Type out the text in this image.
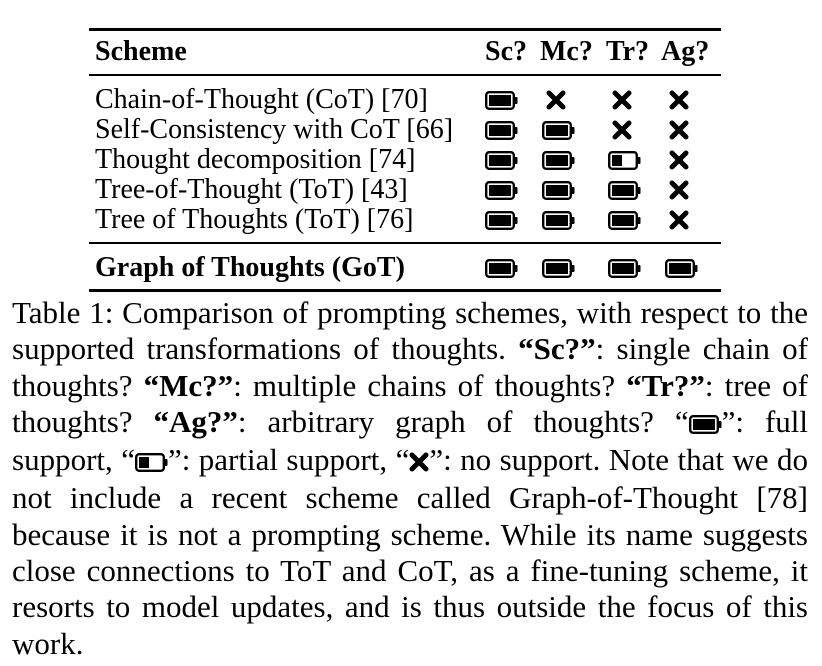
Scheme	Sc? Mc? Tr? Ag?
Chain-of-Thought (CoT) [70]
Self-Consistency with CoT [66]
Thought decomposition [74]
Tree-of-Thought (ToT) [43]
Tree of Thoughts (ToT) [76]
Graph of Thoughts (GoT)
Table 1: Comparison of prompting schemes, with respect to the supported transformations of thoughts. “Sc?”: single chain of thoughts? “Mc?”: multiple chains of thoughts? “Tr?”: tree of thoughts? “Ag?”: arbitrary graph of thoughts? “ ”: full support, “ ”: partial support, “ ”: no support. Note that we do not include a recent scheme called Graph-of-Thought [78] because it is not a prompting scheme. While its name suggests close connections to ToT and CoT, as a fine-tuning scheme, it resorts to model updates, and is thus outside the focus of this work.
